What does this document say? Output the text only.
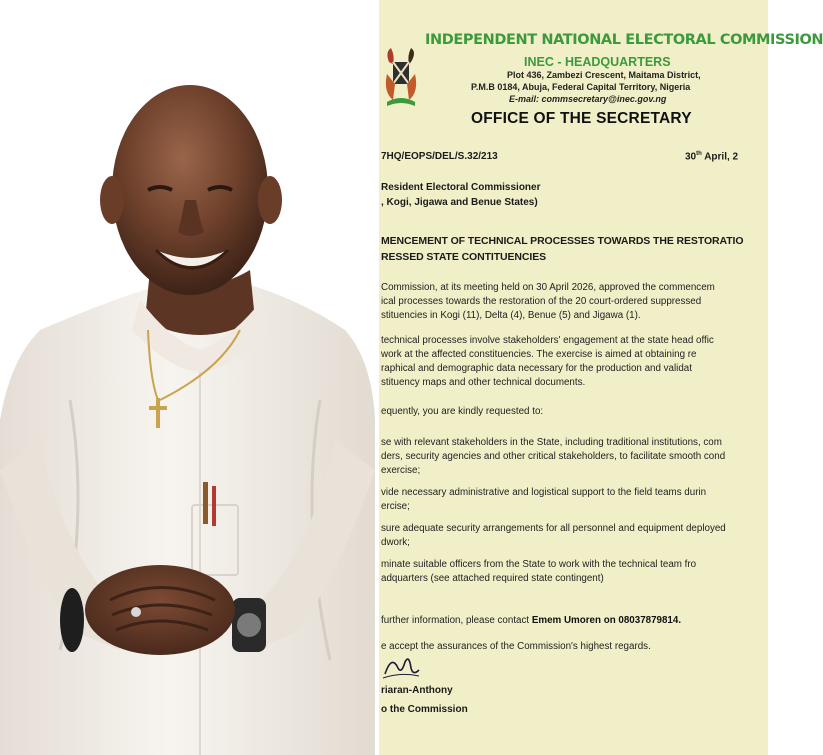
INDEPENDENT NATIONAL ELECTORAL COMMISSION
INEC - HEADQUARTERS
Plot 436, Zambezi Crescent, Maitama District,
P.M.B 0184, Abuja, Federal Capital Territory, Nigeria
E-mail: commsecretary@inec.gov.ng
OFFICE OF THE SECRETARY
7HQ/EOPS/DEL/S.32/213	30th April, 2
Resident Electoral Commissioner
, Kogi, Jigawa and Benue States)
MENCEMENT OF TECHNICAL PROCESSES TOWARDS THE RESTORATIO
RESSED STATE CONTITUENCIES
Commission, at its meeting held on 30 April 2026, approved the commencem
ical processes towards the restoration of the 20 court-ordered suppressed
stituencies in Kogi (11), Delta (4), Benue (5) and Jigawa (1).
technical processes involve stakeholders' engagement at the state head offic
work at the affected constituencies. The exercise is aimed at obtaining re
raphical and demographic data necessary for the production and validat
stituency maps and other technical documents.
equently, you are kindly requested to:
se with relevant stakeholders in the State, including traditional institutions, com
ders, security agencies and other critical stakeholders, to facilitate smooth cond
exercise;
vide necessary administrative and logistical support to the field teams durin
ercise;
sure adequate security arrangements for all personnel and equipment deployed
dwork;
minate suitable officers from the State to work with the technical team fro
adquarters (see attached required state contingent)
further information, please contact Emem Umoren on 08037879814.
e accept the assurances of the Commission's highest regards.
riaran-Anthony
o the Commission
